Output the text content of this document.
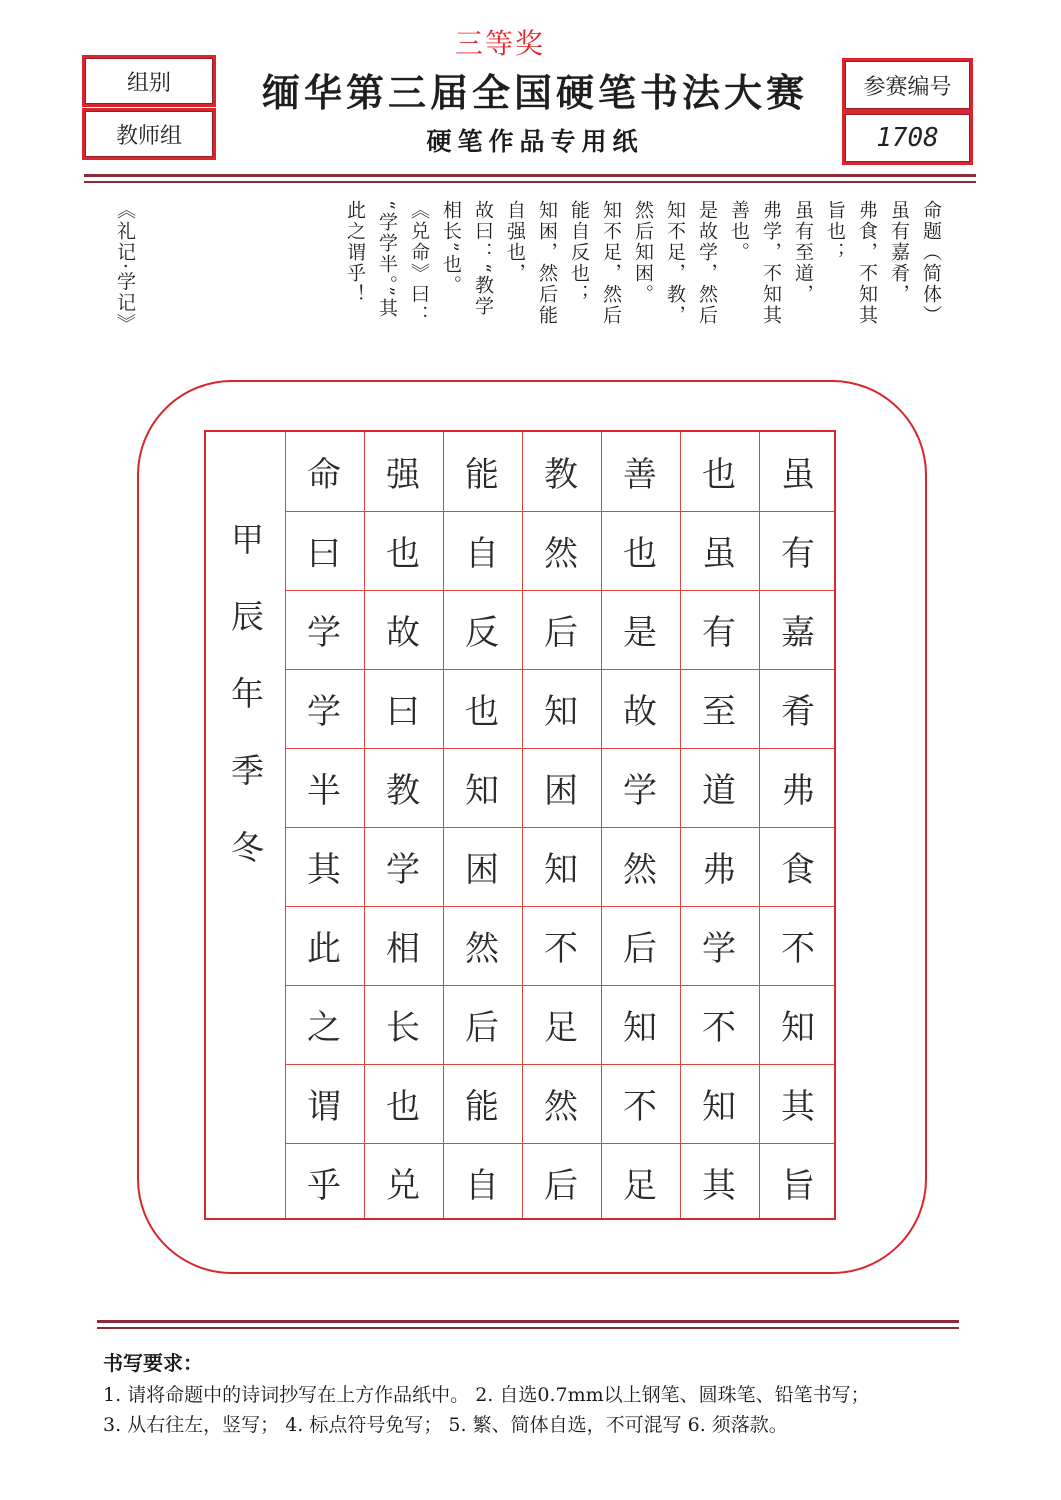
三等奖
组别
教师组
缅华第三届全国硬笔书法大赛
硬笔作品专用纸
参赛编号
1708
命题（简体）
虽有嘉肴，
弗食，不知其
旨也；
虽有至道，
弗学，不知其
善也。
是故学，然后
知不足，教，
然后知困。
知不足，然后
能自反也；
知困，然后能
自强也，
故曰：“教学
相长”也。
《兑命》曰：
“学学半。”其
此之谓乎！
《礼记·学记》
甲辰年季冬
虽
有
嘉
肴
弗
食
不
知
其
旨
也
虽
有
至
道
弗
学
不
知
其
善
也
是
故
学
然
后
知
不
足
教
然
后
知
困
知
不
足
然
后
能
自
反
也
知
困
然
后
能
自
强
也
故
曰
教
学
相
长
也
兑
命
曰
学
学
半
其
此
之
谓
乎
书写要求：
1. 请将命题中的诗词抄写在上方作品纸中。 2. 自选0.7mm以上钢笔、圆珠笔、铅笔书写；
3. 从右往左，竖写； 4. 标点符号免写； 5. 繁、简体自选，不可混写 6. 须落款。
